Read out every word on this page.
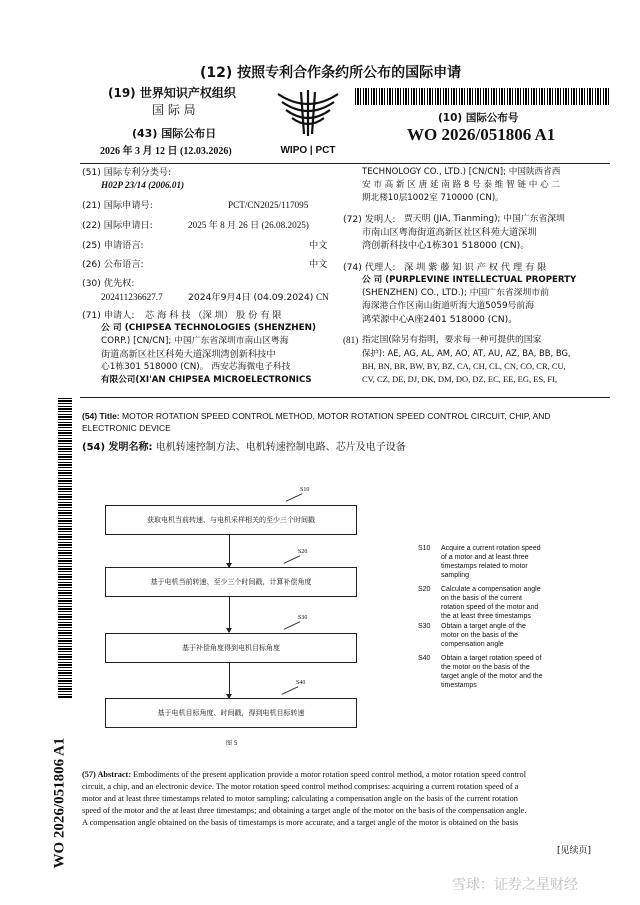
(12) 按照专利合作条约所公布的国际申请
(19) 世界知识产权组织
国 际 局
(43) 国际公布日
2026 年 3 月 12 日 (12.03.2026)	WIPO | PCT
(10) 国际公布号
WO 2026/051806 A1
(51) 国际专利分类号:
H02P 23/14 (2006.01)
(21) 国际申请号:	PCT/CN2025/117095
(22) 国际申请日:	2025 年 8 月 26 日 (26.08.2025)
(25) 申请语言:	中文
(26) 公布语言:	中文
(30) 优先权:
202411236627.7	2024年9月4日 (04.09.2024) CN
(71) 申请人: 芯 海 科 技 （深 圳） 股 份 有 限
公 司 (CHIPSEA TECHNOLOGIES (SHENZHEN)
CORP.) [CN/CN]; 中国广东省深圳市南山区粤海
街道高新区社区科苑大道深圳湾创新科技中
心1栋301 518000 (CN)。 西安芯海微电子科技
有限公司(XI'AN CHIPSEA MICROELECTRONICS
TECHNOLOGY CO., LTD.) [CN/CN]; 中国陕西省西
安 市 高 新 区 唐 延 南 路 8 号 泰 维 智 链 中 心 二
期北楼10层1002室 710000 (CN)。
(72) 发明人: 贾天明 (JIA, Tianming); 中国广东省深圳
市南山区粤海街道高新区社区科苑大道深圳
湾创新科技中心1栋301 518000 (CN)。
(74) 代理人: 深 圳 紫 藤 知 识 产 权 代 理 有 限
公 司 (PURPLEVINE INTELLECTUAL PROPERTY
(SHENZHEN) CO., LTD.); 中国广东省深圳市前
海深港合作区南山街道听海大道5059号前海
鸿荣源中心A座2401 518000 (CN)。
(81) 指定国(除另有指明，要求每一种可提供的国家
保护): AE, AG, AL, AM, AO, AT, AU, AZ, BA, BB, BG,
BH, BN, BR, BW, BY, BZ, CA, CH, CL, CN, CO, CR, CU,
CV, CZ, DE, DJ, DK, DM, DO, DZ, EC, EE, EG, ES, FI,
WO 2026/051806 A1
(54) Title: MOTOR ROTATION SPEED CONTROL METHOD, MOTOR ROTATION SPEED CONTROL CIRCUIT, CHIP, AND
ELECTRONIC DEVICE
(54) 发明名称: 电机转速控制方法、电机转速控制电路、芯片及电子设备
S10
获取电机当前转速、与电机采样相关的至少三个时间戳
S20
基于电机当前转速、至少三个时间戳，计算补偿角度
S30
基于补偿角度得到电机目标角度
S40
基于电机目标角度、时间戳，得到电机目标转速
图 5
S10 Acquire a current rotation speed
of a motor and at least three
timestamps related to motor
sampling
S20 Calculate a compensation angle
on the basis of the current
rotation speed of the motor and
the at least three timestamps
S30 Obtain a target angle of the
motor on the basis of the
compensation angle
S40 Obtain a target rotation speed of
the motor on the basis of the
target angle of the motor and the
timestamps
(57) Abstract: Embodiments of the present application provide a motor rotation speed control method, a motor rotation speed control
circuit, a chip, and an electronic device. The motor rotation speed control method comprises: acquiring a current rotation speed of a
motor and at least three timestamps related to motor sampling; calculating a compensation angle on the basis of the current rotation
speed of the motor and the at least three timestamps; and obtaining a target angle of the motor on the basis of the compensation angle.
A compensation angle obtained on the basis of timestamps is more accurate, and a target angle of the motor is obtained on the basis
[见续页]
雪球：证券之星财经
